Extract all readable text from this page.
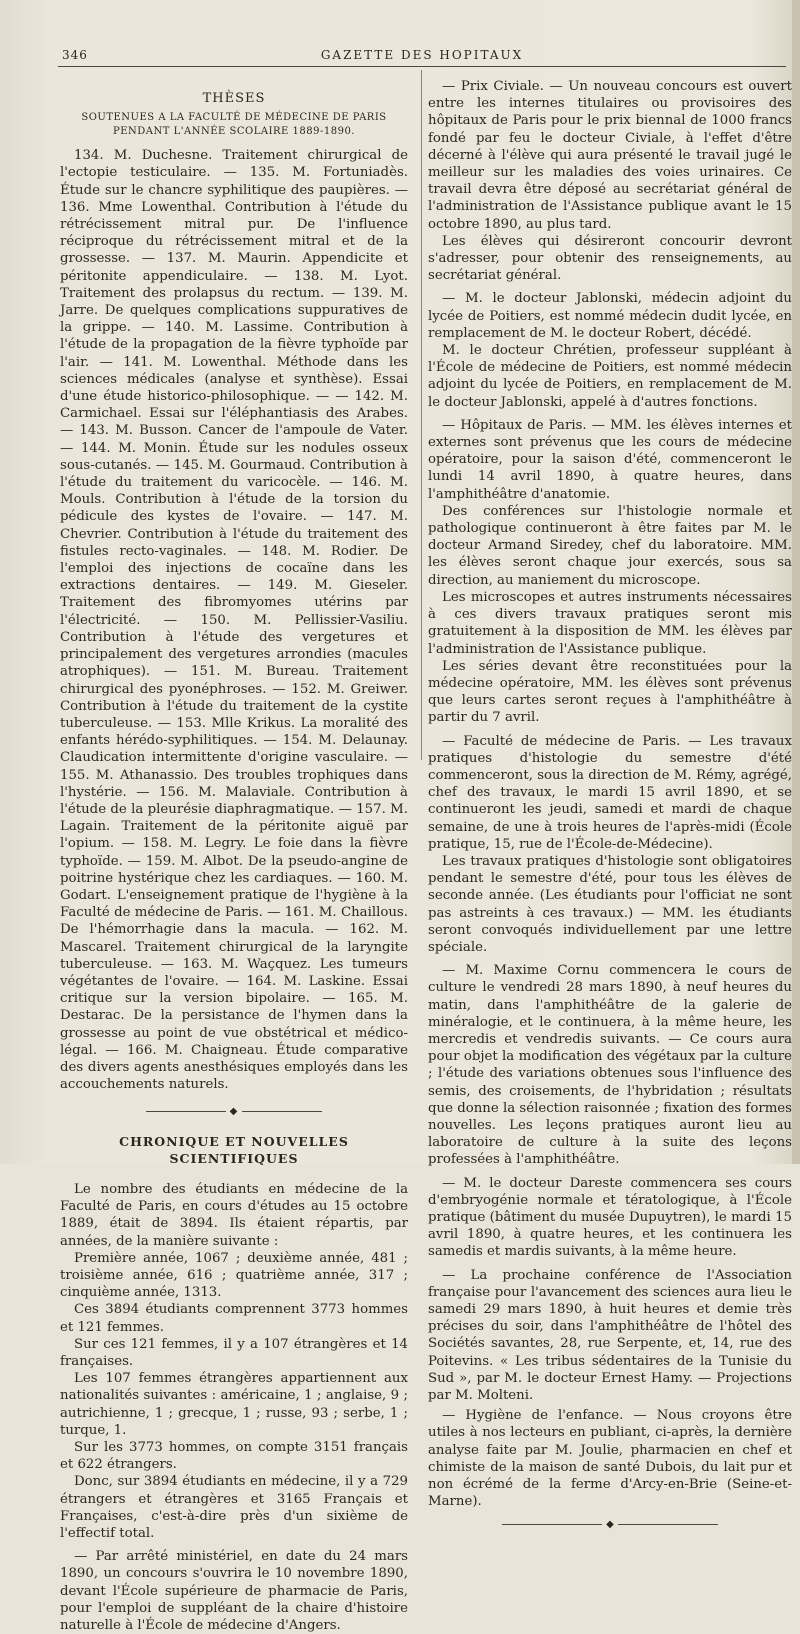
346	GAZETTE DES HOPITAUX

THÈSES

SOUTENUES A LA FACULTÉ DE MÉDECINE DE PARIS

PENDANT L'ANNÉE SCOLAIRE 1889-1890.

134. M. Duchesne. Traitement chirurgical de l'ectopie testiculaire. — 135. M. Fortuniadès. Étude sur le chancre syphilitique des paupières. — 136. Mme Lowenthal. Contribution à l'étude du rétrécissement mitral pur. De l'influence réciproque du rétrécissement mitral et de la grossesse. — 137. M. Maurin. Appendicite et péritonite appendiculaire. — 138. M. Lyot. Traitement des prolapsus du rectum. — 139. M. Jarre. De quelques complications suppuratives de la grippe. — 140. M. Lassime. Contribution à l'étude de la propagation de la fièvre typhoïde par l'air. — 141. M. Lowenthal. Méthode dans les sciences médicales (analyse et synthèse). Essai d'une étude historico-philosophique. — — 142. M. Carmichael. Essai sur l'éléphantiasis des Arabes. — 143. M. Busson. Cancer de l'ampoule de Vater. — 144. M. Monin. Étude sur les nodules osseux sous-cutanés. — 145. M. Gourmaud. Contribution à l'étude du traitement du varicocèle. — 146. M. Mouls. Contribution à l'étude de la torsion du pédicule des kystes de l'ovaire. — 147. M. Chevrier. Contribution à l'étude du traitement des fistules recto-vaginales. — 148. M. Rodier. De l'emploi des injections de cocaïne dans les extractions dentaires. — 149. M. Gieseler. Traitement des fibromyomes utérins par l'électricité. — 150. M. Pellissier-Vasiliu. Contribution à l'étude des vergetures et principalement des vergetures arrondies (macules atrophiques). — 151. M. Bureau. Traitement chirurgical des pyonéphroses. — 152. M. Greiwer. Contribution à l'étude du traitement de la cystite tuberculeuse. — 153. Mlle Krikus. La moralité des enfants hérédo-syphilitiques. — 154. M. Delaunay. Claudication intermittente d'origine vasculaire. — 155. M. Athanassio. Des troubles trophiques dans l'hystérie. — 156. M. Malaviale. Contribution à l'étude de la pleurésie diaphragmatique. — 157. M. Lagain. Traitement de la péritonite aiguë par l'opium. — 158. M. Legry. Le foie dans la fièvre typhoïde. — 159. M. Albot. De la pseudo-angine de poitrine hystérique chez les cardiaques. — 160. M. Godart. L'enseignement pratique de l'hygiène à la Faculté de médecine de Paris. — 161. M. Chaillous. De l'hémorrhagie dans la macula. — 162. M. Mascarel. Traitement chirurgical de la laryngite tuberculeuse. — 163. M. Waçquez. Les tumeurs végétantes de l'ovaire. — 164. M. Laskine. Essai critique sur la version bipolaire. — 165. M. Destarac. De la persistance de l'hymen dans la grossesse au point de vue obstétrical et médico-légal. — 166. M. Chaigneau. Étude comparative des divers agents anesthésiques employés dans les accouchements naturels.

◆

CHRONIQUE ET NOUVELLES SCIENTIFIQUES

Le nombre des étudiants en médecine de la Faculté de Paris, en cours d'études au 15 octobre 1889, était de 3894. Ils étaient répartis, par années, de la manière suivante :

Première année, 1067 ; deuxième année, 481 ; troisième année, 616 ; quatrième année, 317 ; cinquième année, 1313.

Ces 3894 étudiants comprennent 3773 hommes et 121 femmes.

Sur ces 121 femmes, il y a 107 étrangères et 14 françaises.

Les 107 femmes étrangères appartiennent aux nationalités suivantes : américaine, 1 ; anglaise, 9 ; autrichienne, 1 ; grecque, 1 ; russe, 93 ; serbe, 1 ; turque, 1.

Sur les 3773 hommes, on compte 3151 français et 622 étrangers.

Donc, sur 3894 étudiants en médecine, il y a 729 étrangers et étrangères et 3165 Français et Françaises, c'est-à-dire près d'un sixième de l'effectif total.

— Par arrêté ministériel, en date du 24 mars 1890, un concours s'ouvrira le 10 novembre 1890, devant l'École supérieure de pharmacie de Paris, pour l'emploi de suppléant de la chaire d'histoire naturelle à l'École de médecine d'Angers.

— Prix Civiale. — Un nouveau concours est ouvert entre les internes titulaires ou provisoires des hôpitaux de Paris pour le prix biennal de 1000 francs fondé par feu le docteur Civiale, à l'effet d'être décerné à l'élève qui aura présenté le travail jugé le meilleur sur les maladies des voies urinaires. Ce travail devra être déposé au secrétariat général de l'administration de l'Assistance publique avant le 15 octobre 1890, au plus tard.

Les élèves qui désireront concourir devront s'adresser, pour obtenir des renseignements, au secrétariat général.

— M. le docteur Jablonski, médecin adjoint du lycée de Poitiers, est nommé médecin dudit lycée, en remplacement de M. le docteur Robert, décédé.

M. le docteur Chrétien, professeur suppléant à l'École de médecine de Poitiers, est nommé médecin adjoint du lycée de Poitiers, en remplacement de M. le docteur Jablonski, appelé à d'autres fonctions.

— Hôpitaux de Paris. — MM. les élèves internes et externes sont prévenus que les cours de médecine opératoire, pour la saison d'été, commenceront le lundi 14 avril 1890, à quatre heures, dans l'amphithéâtre d'anatomie.

Des conférences sur l'histologie normale et pathologique continueront à être faites par M. le docteur Armand Siredey, chef du laboratoire. MM. les élèves seront chaque jour exercés, sous sa direction, au maniement du microscope.

Les microscopes et autres instruments nécessaires à ces divers travaux pratiques seront mis gratuitement à la disposition de MM. les élèves par l'administration de l'Assistance publique.

Les séries devant être reconstituées pour la médecine opératoire, MM. les élèves sont prévenus que leurs cartes seront reçues à l'amphithéâtre à partir du 7 avril.

— Faculté de médecine de Paris. — Les travaux pratiques d'histologie du semestre d'été commenceront, sous la direction de M. Rémy, agrégé, chef des travaux, le mardi 15 avril 1890, et se continueront les jeudi, samedi et mardi de chaque semaine, de une à trois heures de l'après-midi (École pratique, 15, rue de l'École-de-Médecine).

Les travaux pratiques d'histologie sont obligatoires pendant le semestre d'été, pour tous les élèves de seconde année. (Les étudiants pour l'officiat ne sont pas astreints à ces travaux.) — MM. les étudiants seront convoqués individuellement par une lettre spéciale.

— M. Maxime Cornu commencera le cours de culture le vendredi 28 mars 1890, à neuf heures du matin, dans l'amphithéâtre de la galerie de minéralogie, et le continuera, à la même heure, les mercredis et vendredis suivants. — Ce cours aura pour objet la modification des végétaux par la culture ; l'étude des variations obtenues sous l'influence des semis, des croisements, de l'hybridation ; résultats que donne la sélection raisonnée ; fixation des formes nouvelles. Les leçons pratiques auront lieu au laboratoire de culture à la suite des leçons professées à l'amphithéâtre.

— M. le docteur Dareste commencera ses cours d'embryogénie normale et tératologique, à l'École pratique (bâtiment du musée Dupuytren), le mardi 15 avril 1890, à quatre heures, et les continuera les samedis et mardis suivants, à la même heure.

— La prochaine conférence de l'Association française pour l'avancement des sciences aura lieu le samedi 29 mars 1890, à huit heures et demie très précises du soir, dans l'amphithéâtre de l'hôtel des Sociétés savantes, 28, rue Serpente, et, 14, rue des Poitevins. « Les tribus sédentaires de la Tunisie du Sud », par M. le docteur Ernest Hamy. — Projections par M. Molteni.

— Hygiène de l'enfance. — Nous croyons être utiles à nos lecteurs en publiant, ci-après, la dernière analyse faite par M. Joulie, pharmacien en chef et chimiste de la maison de santé Dubois, du lait pur et non écrémé de la ferme d'Arcy-en-Brie (Seine-et-Marne).

◆
